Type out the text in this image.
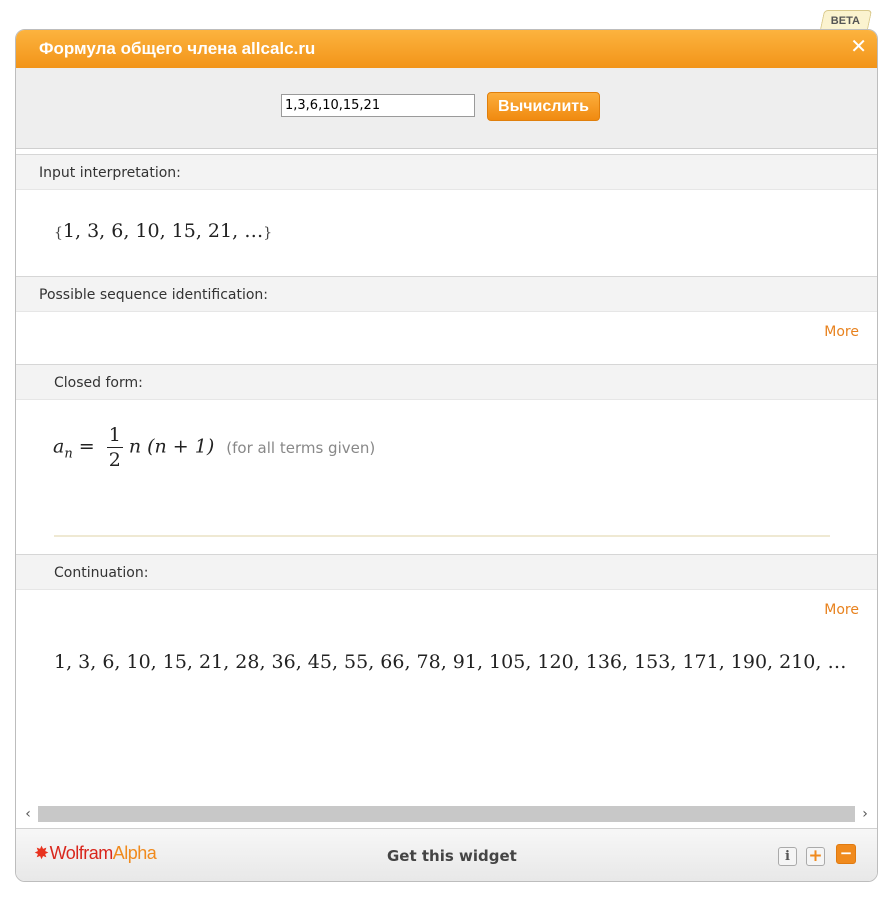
BETA
Формула общего члена allcalc.ru	✕
1,3,6,10,15,21
Вычислить
Input interpretation:
{1, 3, 6, 10, 15, 21, …}
Possible sequence identification:
More
Closed form:
$a_n = \frac{1}{2}$ n (n + 1) (for all terms given)
Continuation:
More
1, 3, 6, 10, 15, 21, 28, 36, 45, 55, 66, 78, 91, 105, 120, 136, 153, 171, 190, 210, …
‹	›
✸WolframAlpha	Get this widget	i	+ −
